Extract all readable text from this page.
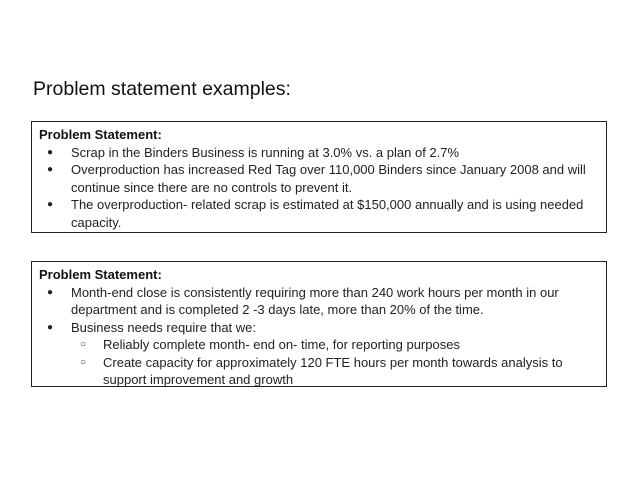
Problem statement examples:
Problem Statement:
● Scrap in the Binders Business is running at 3.0% vs. a plan of 2.7%
● Overproduction has increased Red Tag over 110,000 Binders since January 2008 and will continue since there are no controls to prevent it.
● The overproduction- related scrap is estimated at $150,000 annually and is using needed capacity.
Problem Statement:
● Month-end close is consistently requiring more than 240 work hours per month in our department and is completed 2 -3 days late, more than 20% of the time.
● Business needs require that we:
○ Reliably complete month- end on- time, for reporting purposes
○ Create capacity for approximately 120 FTE hours per month towards analysis to support improvement and growth
